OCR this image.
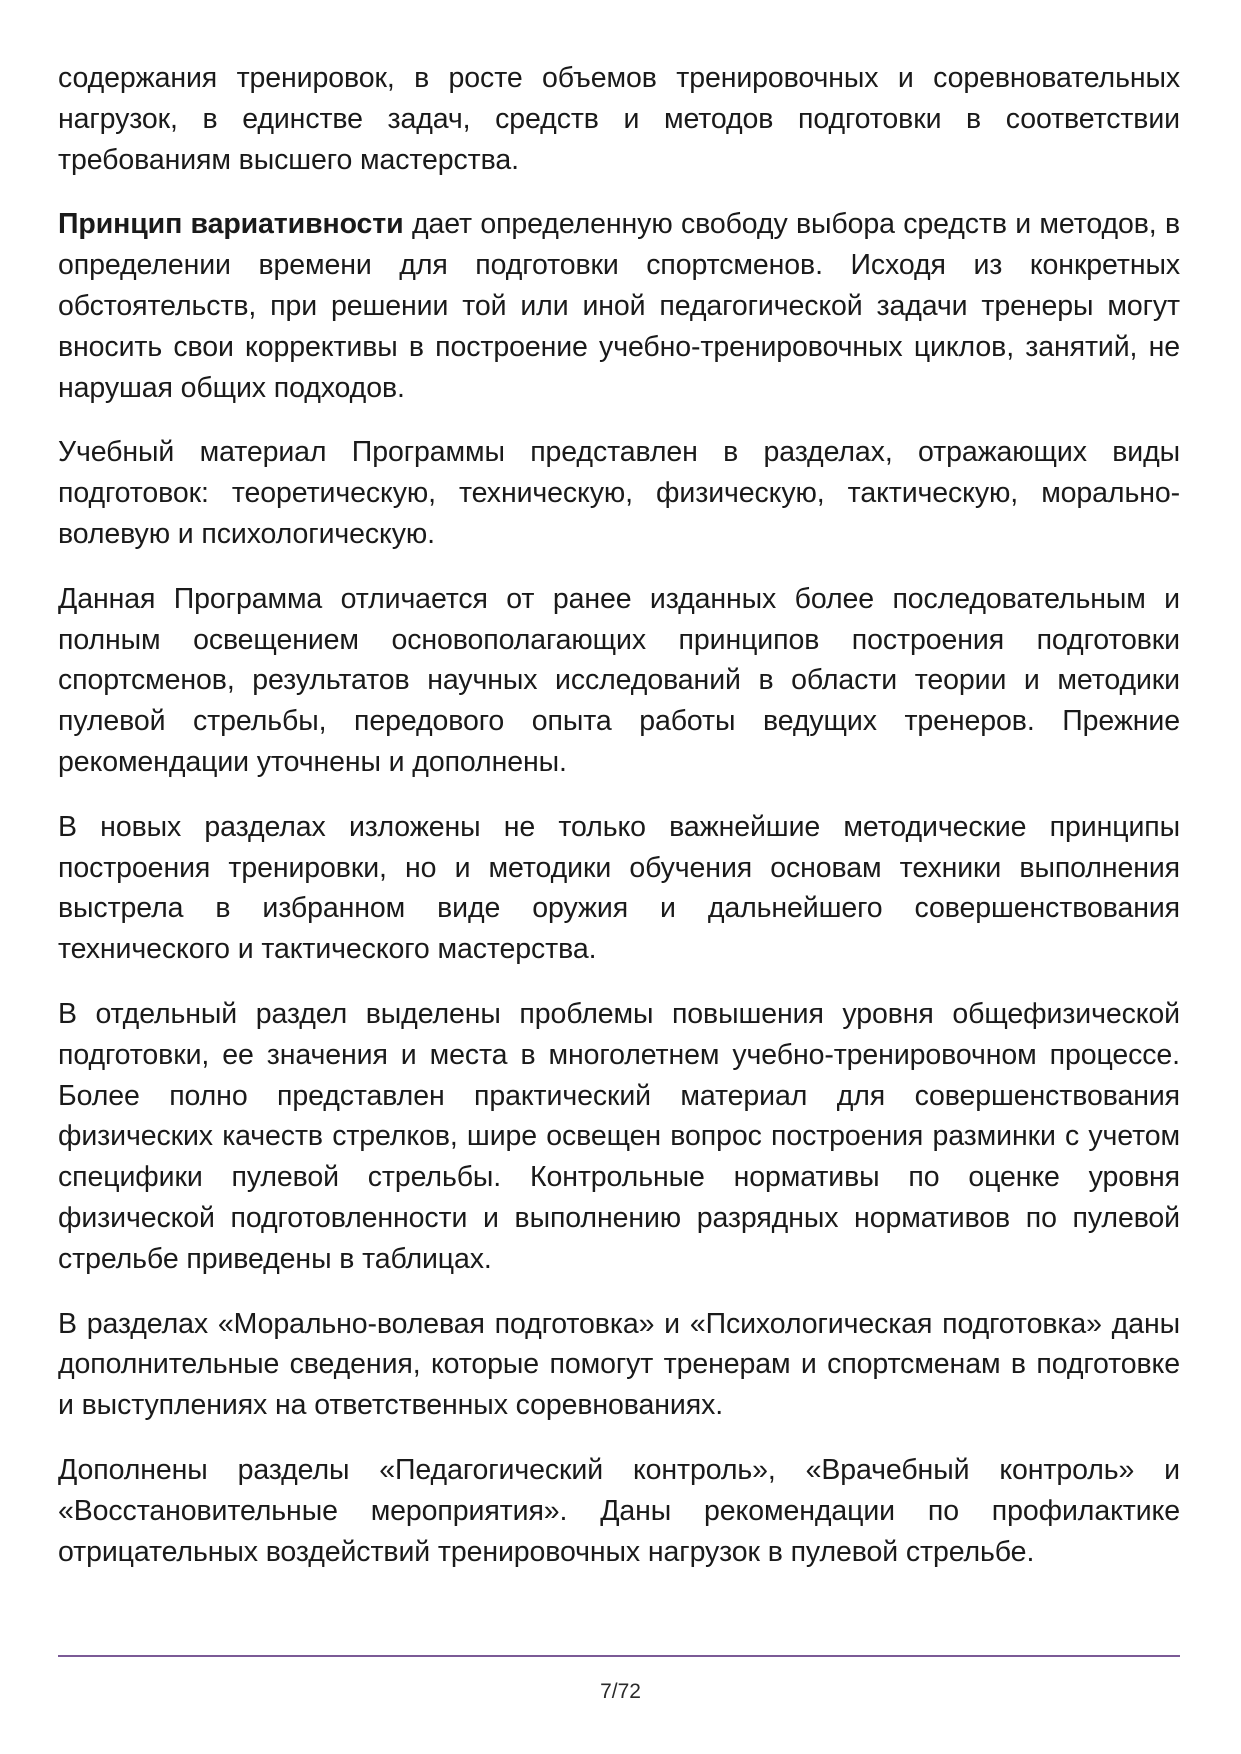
содержания тренировок, в росте объемов тренировочных и соревновательных нагрузок, в единстве задач, средств и методов подготовки в соответствии требованиям высшего мастерства.

Принцип вариативности дает определенную свободу выбора средств и методов, в определении времени для подготовки спортсменов. Исходя из конкретных обстоятельств, при решении той или иной педагогической задачи тренеры могут вносить свои коррективы в построение учебно-тренировочных циклов, занятий, не нарушая общих подходов.

Учебный материал Программы представлен в разделах, отражающих виды подготовок: теоретическую, техническую, физическую, тактическую, морально-волевую и психологическую.

Данная Программа отличается от ранее изданных более последовательным и полным освещением основополагающих принципов построения подготовки спортсменов, результатов научных исследований в области теории и методики пулевой стрельбы, передового опыта работы ведущих тренеров. Прежние рекомендации уточнены и дополнены.

В новых разделах изложены не только важнейшие методические принципы построения тренировки, но и методики обучения основам техники выполнения выстрела в избранном виде оружия и дальнейшего совершенствования технического и тактического мастерства.

В отдельный раздел выделены проблемы повышения уровня общефизической подготовки, ее значения и места в многолетнем учебно-тренировочном процессе. Более полно представлен практический материал для совершенствования физических качеств стрелков, шире освещен вопрос построения разминки с учетом специфики пулевой стрельбы. Контрольные нормативы по оценке уровня физической подготовленности и выполнению разрядных нормативов по пулевой стрельбе приведены в таблицах.

В разделах «Морально-волевая подготовка» и «Психологическая подготовка» даны дополнительные сведения, которые помогут тренерам и спортсменам в подготовке и выступлениях на ответственных соревнованиях.

Дополнены разделы «Педагогический контроль», «Врачебный контроль» и «Восстановительные мероприятия». Даны рекомендации по профилактике отрицательных воздействий тренировочных нагрузок в пулевой стрельбе.

7/72
